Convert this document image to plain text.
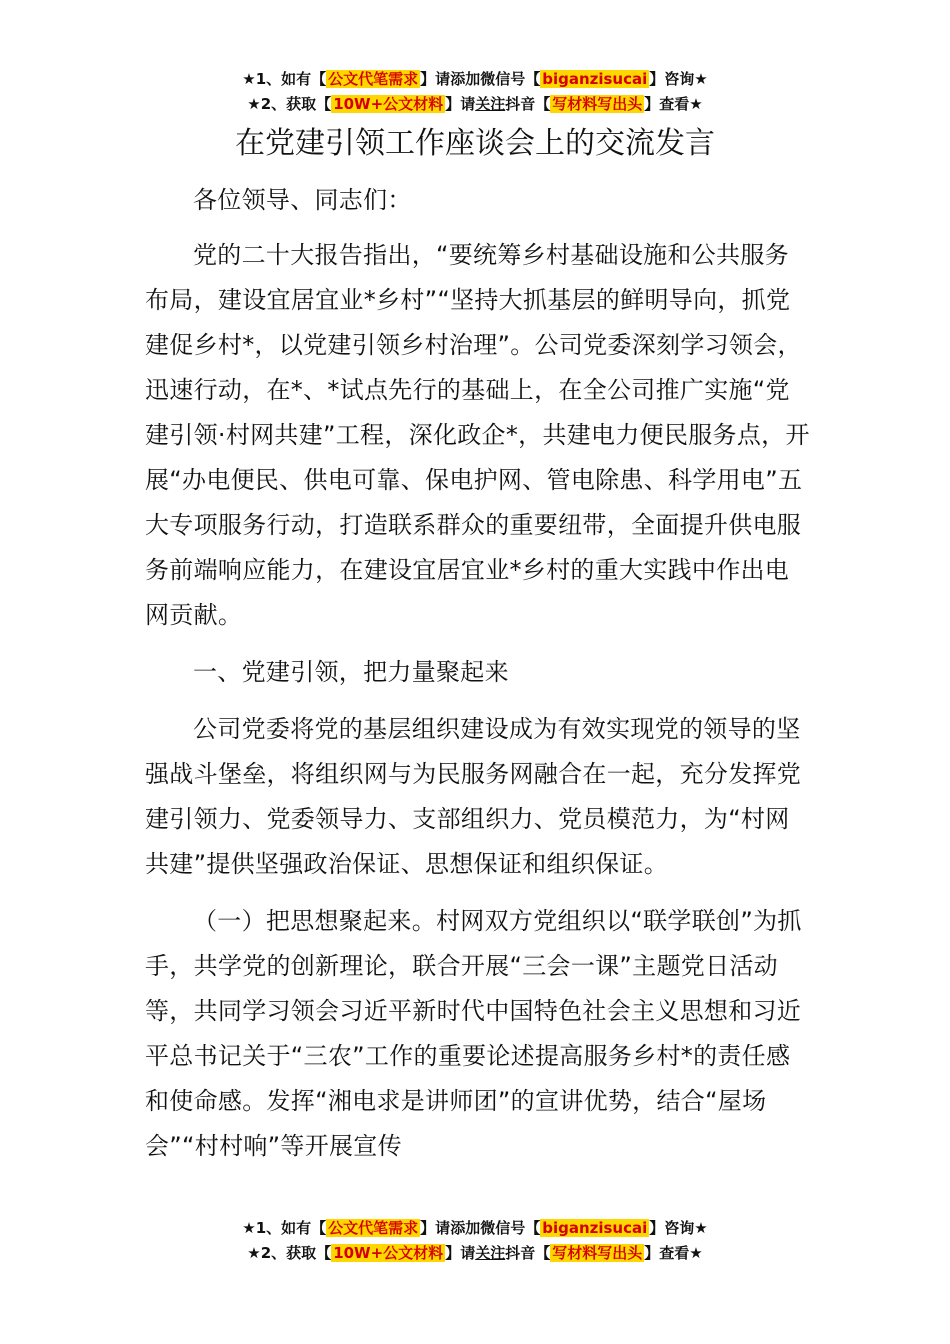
★1、如有【 公文代笔需求 】请添加微信号【 biganzisucai 】咨询★
★2、获取【 10W+公文材料 】请关注抖音【 写材料写出头 】查看★
在党建引领工作座谈会上的交流发言

各位领导、同志们：

党的二十大报告指出，“要统筹乡村基础设施和公共服务布局，建设宜居宜业*乡村”“坚持大抓基层的鲜明导向，抓党建促乡村*，以党建引领乡村治理”。公司党委深刻学习领会，迅速行动，在*、*试点先行的基础上，在全公司推广实施“党建引领·村网共建”工程，深化政企*，共建电力便民服务点，开展“办电便民、供电可靠、保电护网、管电除患、科学用电”五大专项服务行动，打造联系群众的重要纽带，全面提升供电服务前端响应能力，在建设宜居宜业*乡村的重大实践中作出电网贡献。

一、党建引领，把力量聚起来

公司党委将党的基层组织建设成为有效实现党的领导的坚强战斗堡垒，将组织网与为民服务网融合在一起，充分发挥党建引领力、党委领导力、支部组织力、党员模范力，为“村网共建”提供坚强政治保证、思想保证和组织保证。

（一）把思想聚起来。村网双方党组织以“联学联创”为抓手，共学党的创新理论，联合开展“三会一课”主题党日活动等，共同学习领会习近平新时代中国特色社会主义思想和习近平总书记关于“三农”工作的重要论述提高服务乡村*的责任感和使命感。发挥“湘电求是讲师团”的宣讲优势，结合“屋场会”“村村响”等开展宣传

★1、如有【 公文代笔需求 】请添加微信号【 biganzisucai 】咨询★
★2、获取【 10W+公文材料 】请关注抖音【 写材料写出头 】查看★
